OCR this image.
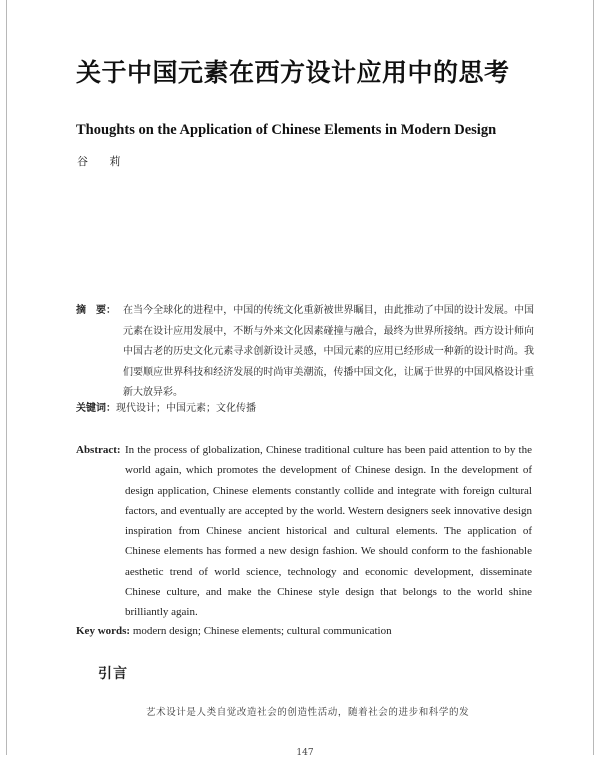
关于中国元素在西方设计应用中的思考
Thoughts on the Application of Chinese Elements in Modern Design
谷 莉
摘　要： 在当今全球化的进程中，中国的传统文化重新被世界瞩目，由此推动了中国的设计发展。中国元素在设计应用发展中，不断与外来文化因素碰撞与融合，最终为世界所接纳。西方设计师向中国古老的历史文化元素寻求创新设计灵感，中国元素的应用已经形成一种新的设计时尚。我们要顺应世界科技和经济发展的时尚审美潮流，传播中国文化，让属于世界的中国风格设计重新大放异彩。
关键词：现代设计；中国元素；文化传播
Abstract: In the process of globalization, Chinese traditional culture has been paid attention to by the world again, which promotes the development of Chinese design. In the development of design application, Chinese elements constantly collide and integrate with foreign cultural factors, and eventually are accepted by the world. Western designers seek innovative design inspiration from Chinese ancient historical and cultural elements. The application of Chinese elements has formed a new design fashion. We should conform to the fashionable aesthetic trend of world science, technology and economic development, disseminate Chinese culture, and make the Chinese style design that belongs to the world shine brilliantly again.
Key words: modern design; Chinese elements; cultural communication
引言
艺术设计是人类自觉改造社会的创造性活动，随着社会的进步和科学的发
147
